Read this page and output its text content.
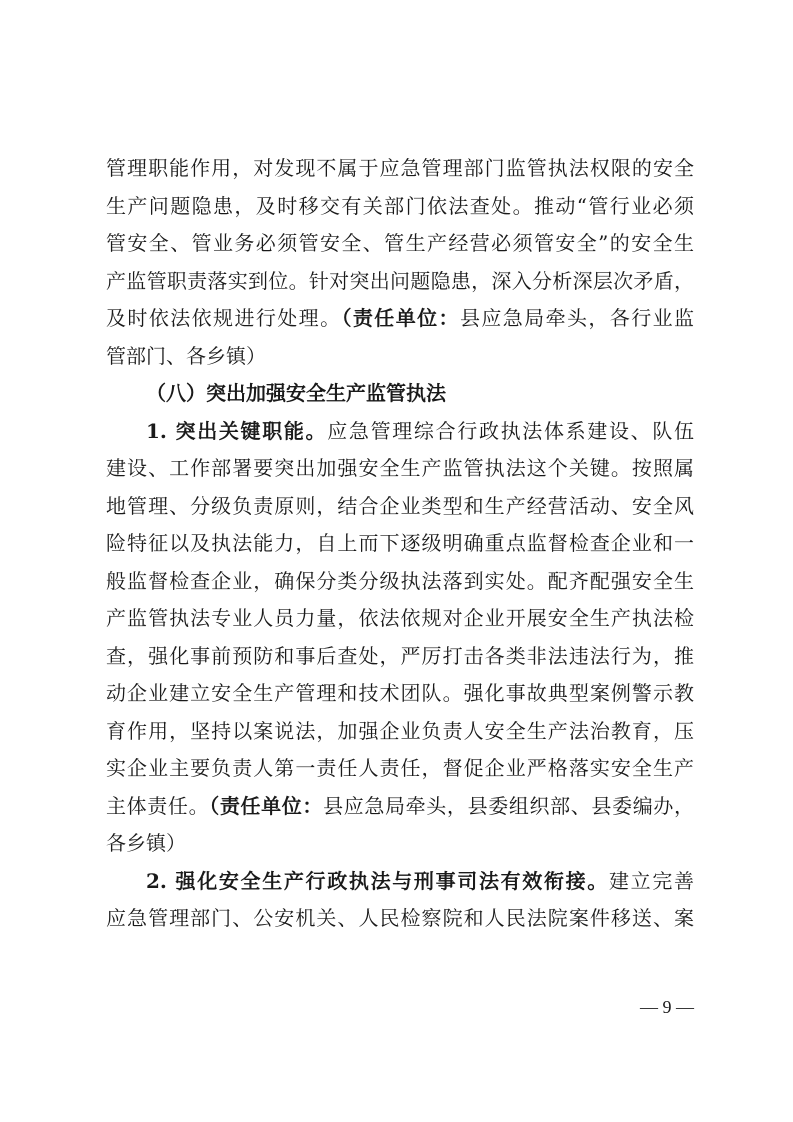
管理职能作用，对发现不属于应急管理部门监管执法权限的安全
生产问题隐患，及时移交有关部门依法查处。推动“管行业必须
管安全、管业务必须管安全、管生产经营必须管安全”的安全生
产监管职责落实到位。针对突出问题隐患，深入分析深层次矛盾，
及时依法依规进行处理。（责任单位：县应急局牵头，各行业监
管部门、各乡镇）
（八）突出加强安全生产监管执法
1. 突出关键职能。应急管理综合行政执法体系建设、队伍
建设、工作部署要突出加强安全生产监管执法这个关键。按照属
地管理、分级负责原则，结合企业类型和生产经营活动、安全风
险特征以及执法能力，自上而下逐级明确重点监督检查企业和一
般监督检查企业，确保分类分级执法落到实处。配齐配强安全生
产监管执法专业人员力量，依法依规对企业开展安全生产执法检
查，强化事前预防和事后查处，严厉打击各类非法违法行为，推
动企业建立安全生产管理和技术团队。强化事故典型案例警示教
育作用，坚持以案说法，加强企业负责人安全生产法治教育，压
实企业主要负责人第一责任人责任，督促企业严格落实安全生产
主体责任。（责任单位：县应急局牵头，县委组织部、县委编办，
各乡镇）
2. 强化安全生产行政执法与刑事司法有效衔接。建立完善
应急管理部门、公安机关、人民检察院和人民法院案件移送、案
— 9 —
